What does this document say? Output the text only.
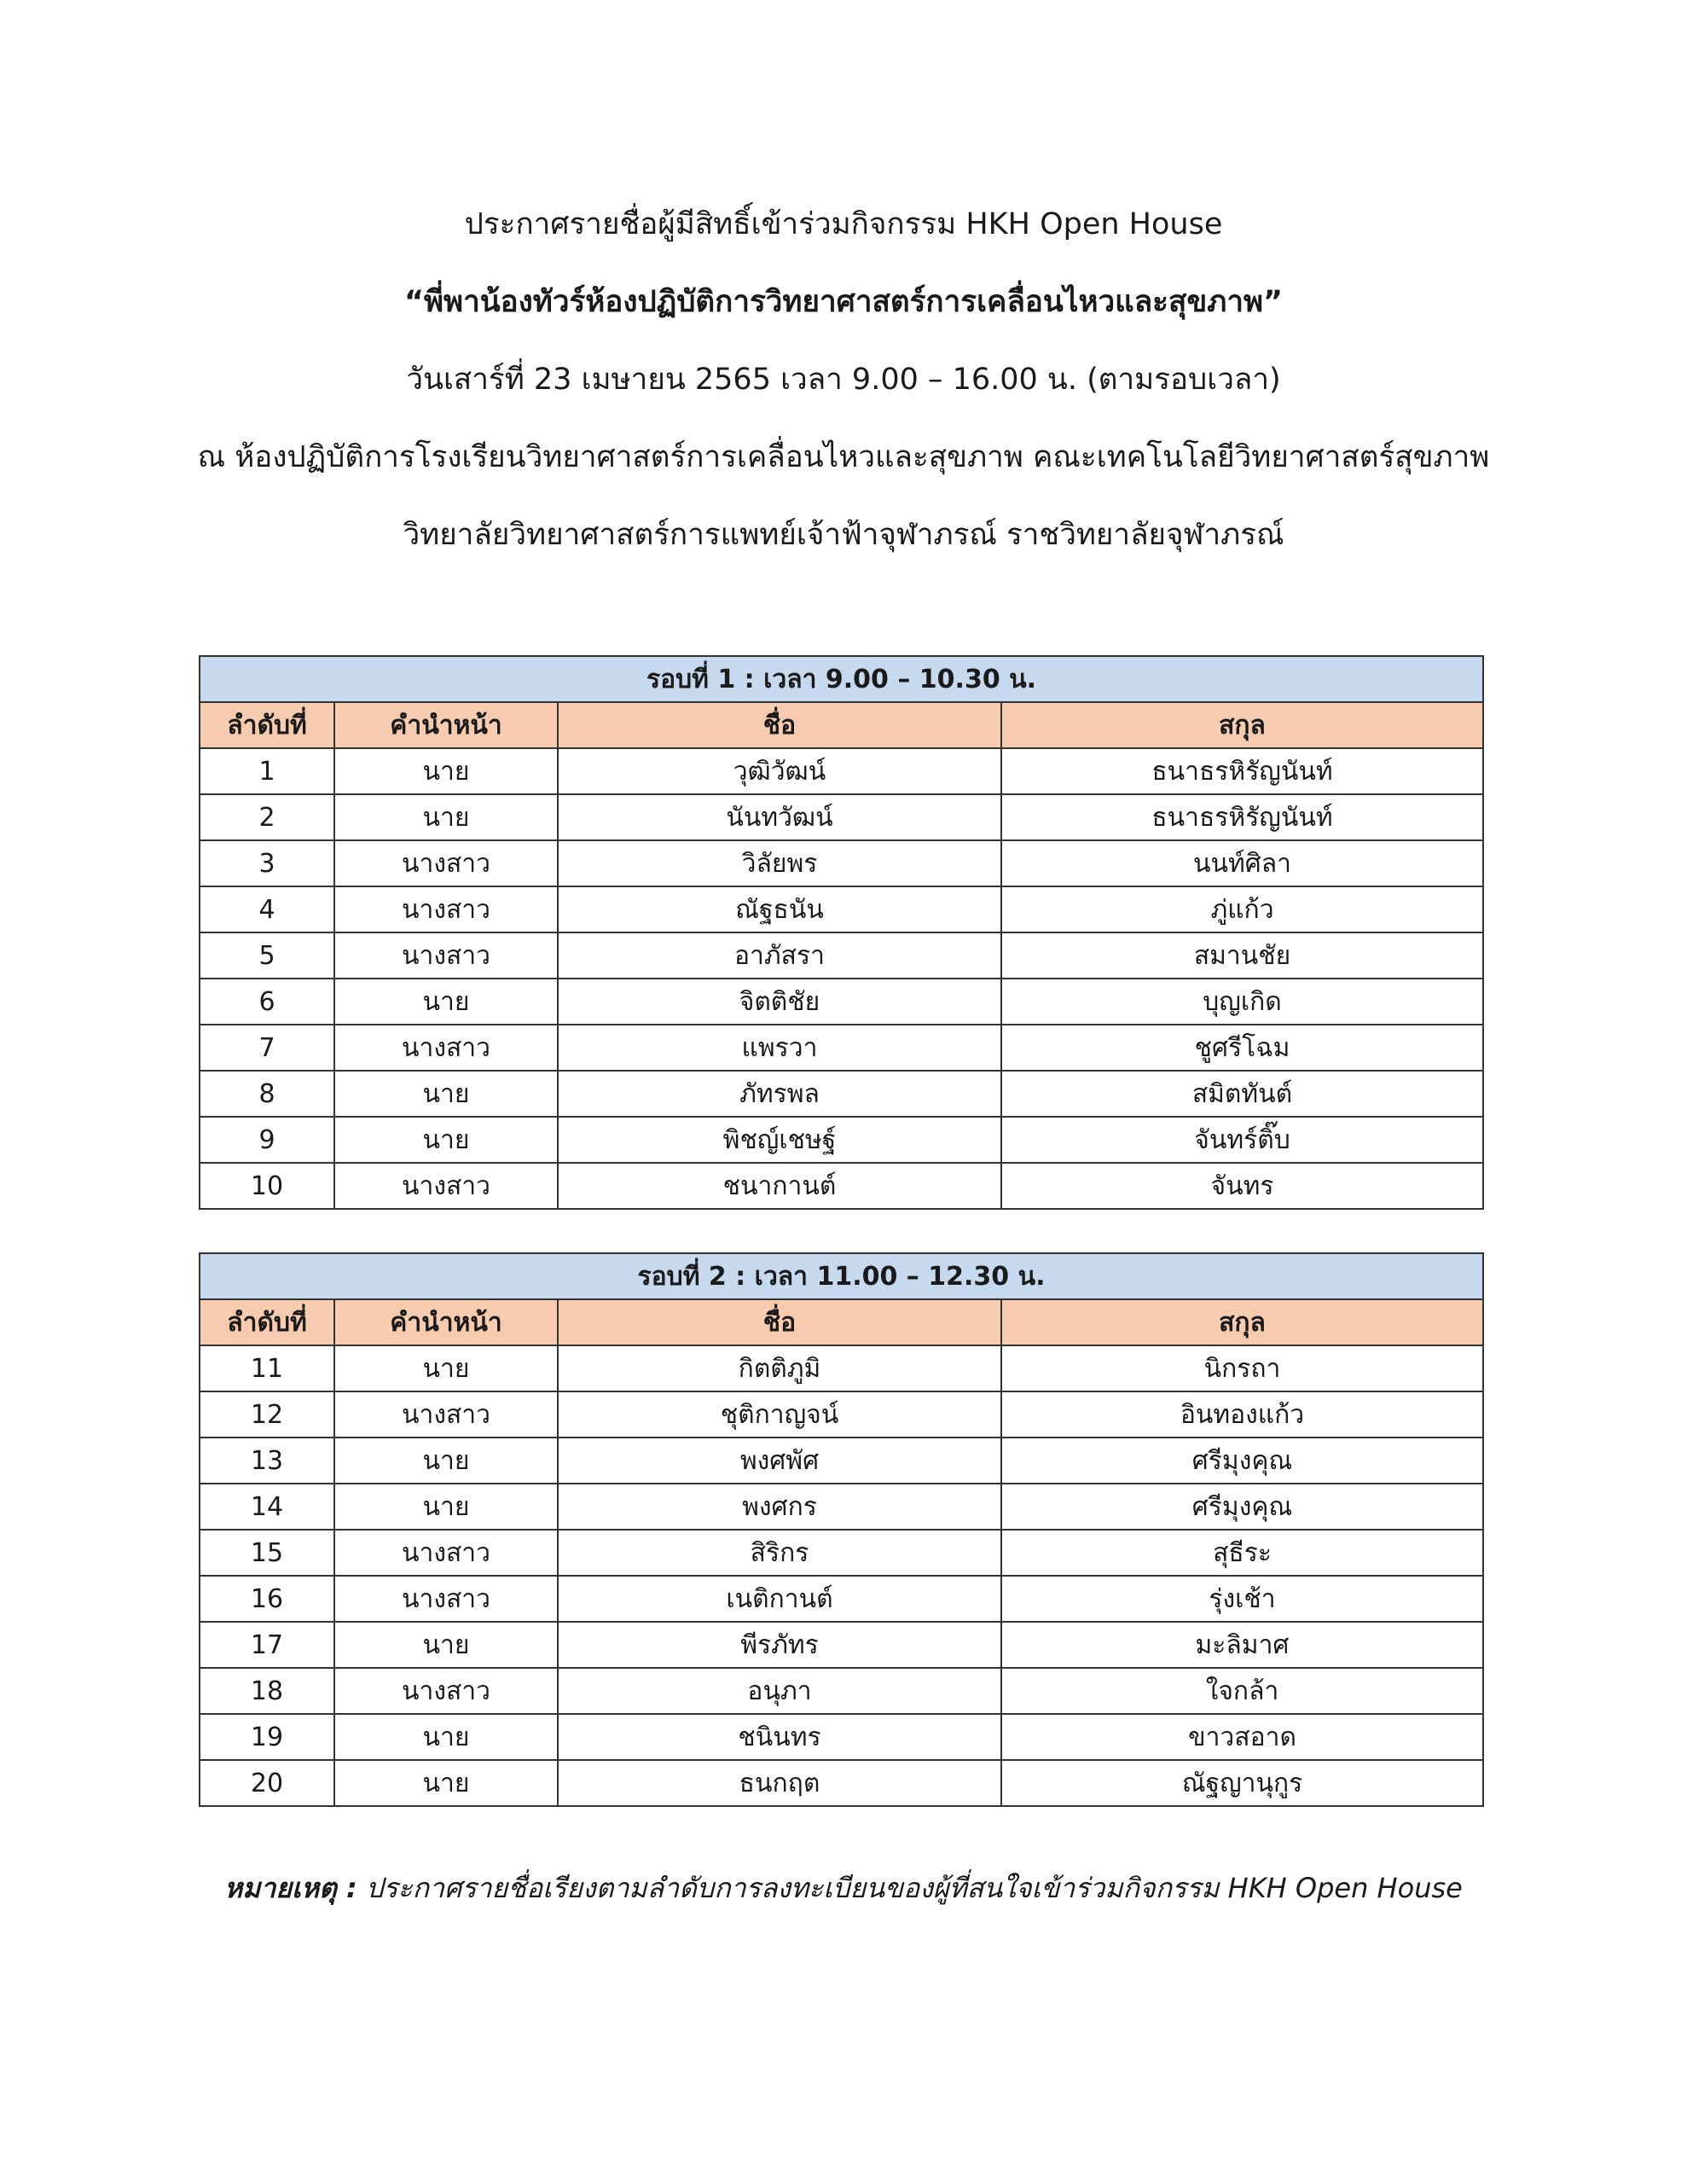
ประกาศรายชื่อผู้มีสิทธิ์เข้าร่วมกิจกรรม HKH Open House
“พี่พาน้องทัวร์ห้องปฏิบัติการวิทยาศาสตร์การเคลื่อนไหวและสุขภาพ”
วันเสาร์ที่ 23 เมษายน 2565 เวลา 9.00 – 16.00 น. (ตามรอบเวลา)
ณ ห้องปฏิบัติการโรงเรียนวิทยาศาสตร์การเคลื่อนไหวและสุขภาพ คณะเทคโนโลยีวิทยาศาสตร์สุขภาพ
วิทยาลัยวิทยาศาสตร์การแพทย์เจ้าฟ้าจุฬาภรณ์ ราชวิทยาลัยจุฬาภรณ์
รอบที่ 1 : เวลา 9.00 – 10.30 น.			
ลำดับที่	คำนำหน้า	ชื่อ	สกุล
1	นาย	วุฒิวัฒน์	ธนาธรหิรัญนันท์
2	นาย	นันทวัฒน์	ธนาธรหิรัญนันท์
3	นางสาว	วิลัยพร	นนท์ศิลา
4	นางสาว	ณัฐธนัน	ภู่แก้ว
5	นางสาว	อาภัสรา	สมานชัย
6	นาย	จิตติชัย	บุญเกิด
7	นางสาว	แพรวา	ชูศรีโฉม
8	นาย	ภัทรพล	สมิตทันต์
9	นาย	พิชญ์เชษฐ์	จันทร์ติ๊บ
10	นางสาว	ชนากานต์	จันทร
รอบที่ 2 : เวลา 11.00 – 12.30 น.			
ลำดับที่	คำนำหน้า	ชื่อ	สกุล
11	นาย	กิตติภูมิ	นิกรถา
12	นางสาว	ชุติกาญจน์	อินทองแก้ว
13	นาย	พงศพัศ	ศรีมุงคุณ
14	นาย	พงศกร	ศรีมุงคุณ
15	นางสาว	สิริกร	สุธีระ
16	นางสาว	เนติกานต์	รุ่งเช้า
17	นาย	พีรภัทร	มะลิมาศ
18	นางสาว	อนุภา	ใจกล้า
19	นาย	ชนินทร	ขาวสอาด
20	นาย	ธนกฤต	ณัฐญานุกูร
หมายเหตุ : ประกาศรายชื่อเรียงตามลำดับการลงทะเบียนของผู้ที่สนใจเข้าร่วมกิจกรรม HKH Open House
